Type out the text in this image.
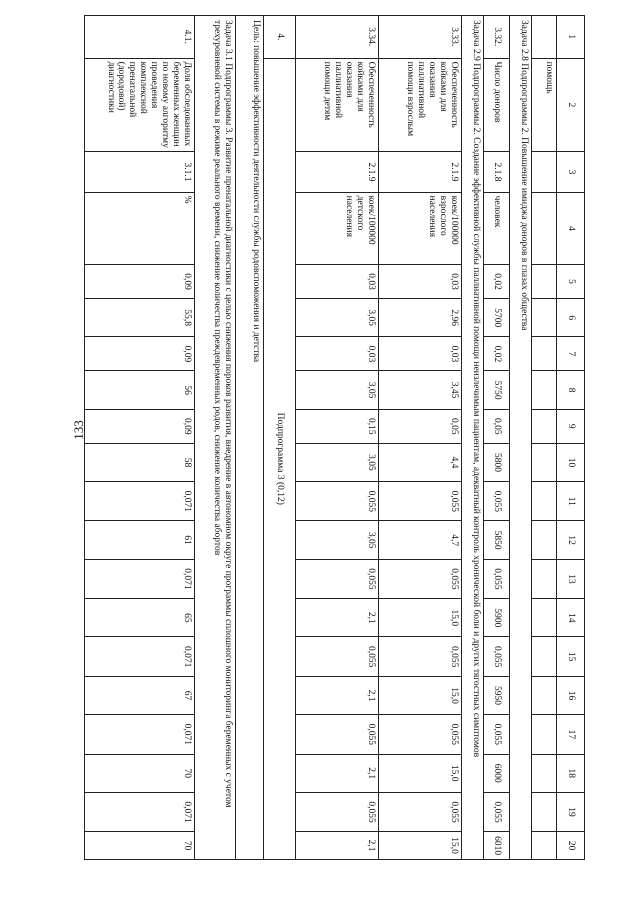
133
1	2	3	4	5	6	7	8	9	10	11	12	13	14	15	16	17	18	19	20
	помощь																		
Задача 2.8 Подпрограммы 2. Повышение имиджа доноров в глазах общества																			
3.32.	Число доноров	2.1.8	человек	0,02	5700	0,02	5750	0,05	5800	0,055	5850	0,055	5900	0,055	5950	0,055	6000	0,055	6010
Задача 2.9 Подпрограммы 2. Создание эффективной службы паллиативной помощи неизлечимым пациентам, адекватный контроль хронической боли и других тягостных симптомов																			
3.33.	Обеспеченность койками для оказания паллиативной помощи взрослым	2.1.9	коек/100000 взрослого населения	0,03	2,96	0,03	3,45	0,05	4,4	0,055	4,7	0,055	15,0	0,055	15,0	0,055	15,0	0,055	15,0
3.34.	Обеспеченность койками для оказания паллиативной помощи детям	2.1.9	коек/100000 детского населения	0,03	3,05	0,03	3,05	0,15	3,05	0,055	3,05	0,055	2,1	0,055	2,1	0,055	2,1	0,055	2,1
4.	Подпрограмма 3 (0,12)																		
Цель: повышение эффективности деятельности службы родовспоможения и детства																			
Задача 3.1 Подпрограммы 3. Развитие пренатальной диагностики с целью снижения пороков развития, внедрение в автономном округе программы сплошного мониторинга беременных с учетом трехуровневой системы в режиме реального времени, снижение количества преждевременных родов, снижение количества абортов																			
4.1.	Доля обследованных беременных женщин по новому алгоритму проведения комплексной пренатальной (дородовой) диагностики	3.1.1	%	0,09	55,8	0,09	56	0,09	58	0,071	61	0,071	65	0,071	67	0,071	70	0,071	70
